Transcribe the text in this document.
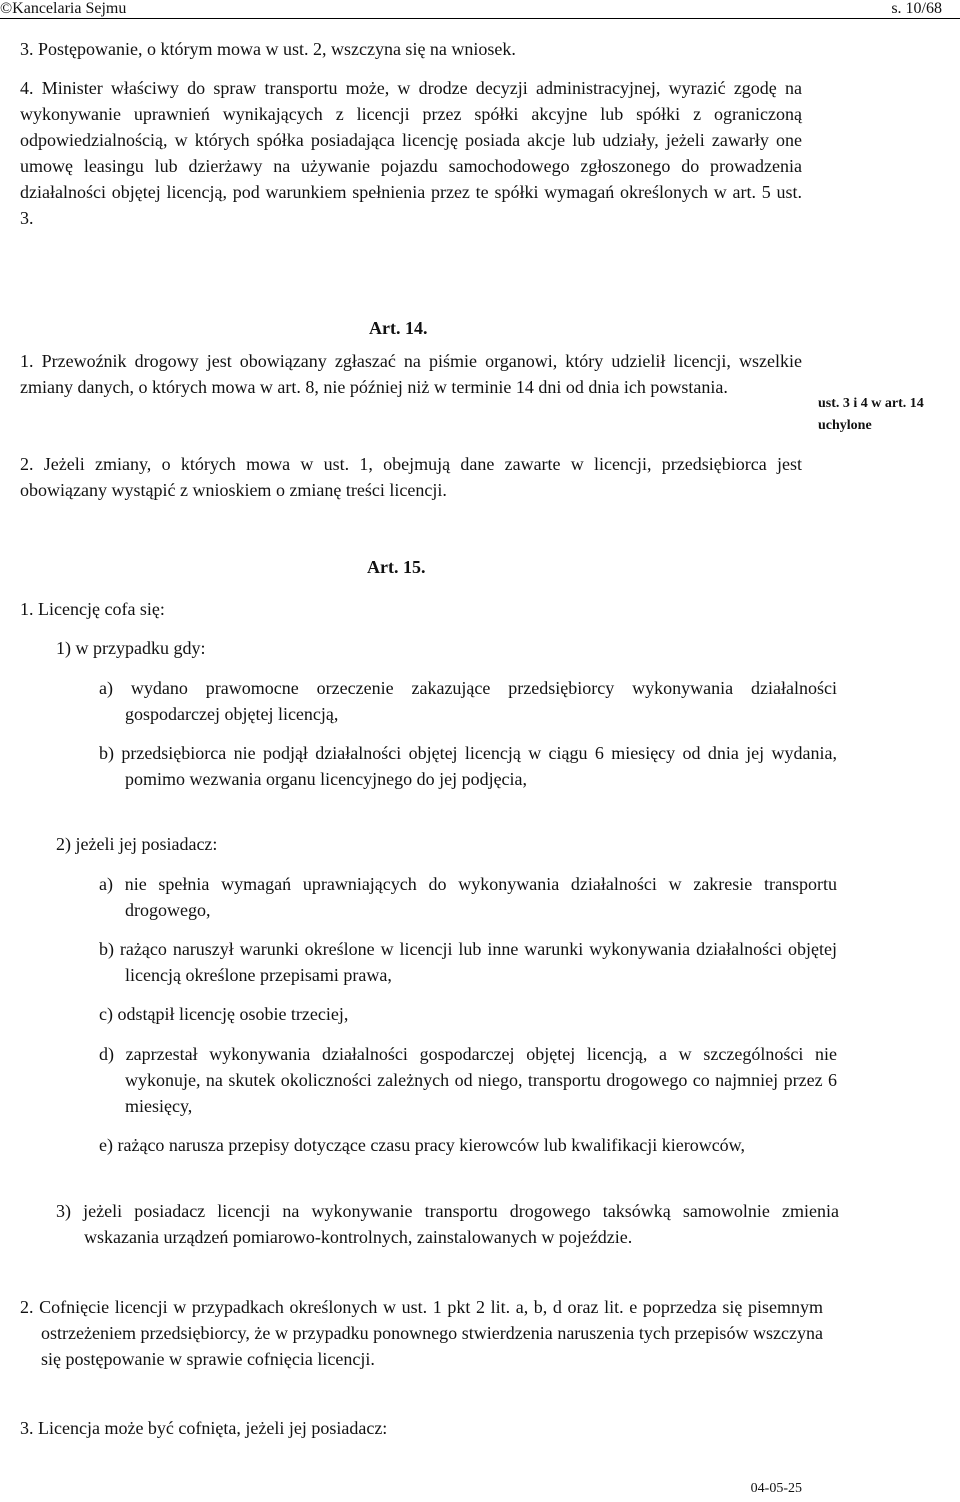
©Kancelaria Sejmu	s. 10/68

3. Postępowanie, o którym mowa w ust. 2, wszczyna się na wniosek.

4. Minister właściwy do spraw transportu może, w drodze decyzji administracyjnej, wyrazić zgodę na wykonywanie uprawnień wynikających z licencji przez spółki akcyjne lub spółki z ograniczoną odpowiedzialnością, w których spółka posiadająca licencję posiada akcje lub udziały, jeżeli zawarły one umowę leasingu lub dzierżawy na używanie pojazdu samochodowego zgłoszonego do prowadzenia działalności objętej licencją, pod warunkiem spełnienia przez te spółki wymagań określonych w art. 5 ust. 3.

Art. 14.

1. Przewoźnik drogowy jest obowiązany zgłaszać na piśmie organowi, który udzielił licencji, wszelkie zmiany danych, o których mowa w art. 8, nie później niż w terminie 14 dni od dnia ich powstania.

2. Jeżeli zmiany, o których mowa w ust. 1, obejmują dane zawarte w licencji, przedsiębiorca jest obowiązany wystąpić z wnioskiem o zmianę treści licencji.

ust. 3 i 4 w art. 14
uchylone
Art. 15.

1. Licencję cofa się:

1) w przypadku gdy:

a) wydano prawomocne orzeczenie zakazujące przedsiębiorcy wykonywania działalności gospodarczej objętej licencją,

b) przedsiębiorca nie podjął działalności objętej licencją w ciągu 6 miesięcy od dnia jej wydania, pomimo wezwania organu licencyjnego do jej podjęcia,

2) jeżeli jej posiadacz:

a) nie spełnia wymagań uprawniających do wykonywania działalności w zakresie transportu drogowego,

b) rażąco naruszył warunki określone w licencji lub inne warunki wykonywania działalności objętej licencją określone przepisami prawa,

c) odstąpił licencję osobie trzeciej,

d) zaprzestał wykonywania działalności gospodarczej objętej licencją, a w szczególności nie wykonuje, na skutek okoliczności zależnych od niego, transportu drogowego co najmniej przez 6 miesięcy,

e) rażąco narusza przepisy dotyczące czasu pracy kierowców lub kwalifikacji kierowców,

3) jeżeli posiadacz licencji na wykonywanie transportu drogowego taksówką samowolnie zmienia wskazania urządzeń pomiarowo-kontrolnych, zainstalowanych w pojeździe.

2. Cofnięcie licencji w przypadkach określonych w ust. 1 pkt 2 lit. a, b, d oraz lit. e poprzedza się pisemnym ostrzeżeniem przedsiębiorcy, że w przypadku ponownego stwierdzenia naruszenia tych przepisów wszczyna się postępowanie w sprawie cofnięcia licencji.

3. Licencja może być cofnięta, jeżeli jej posiadacz:

04-05-25
